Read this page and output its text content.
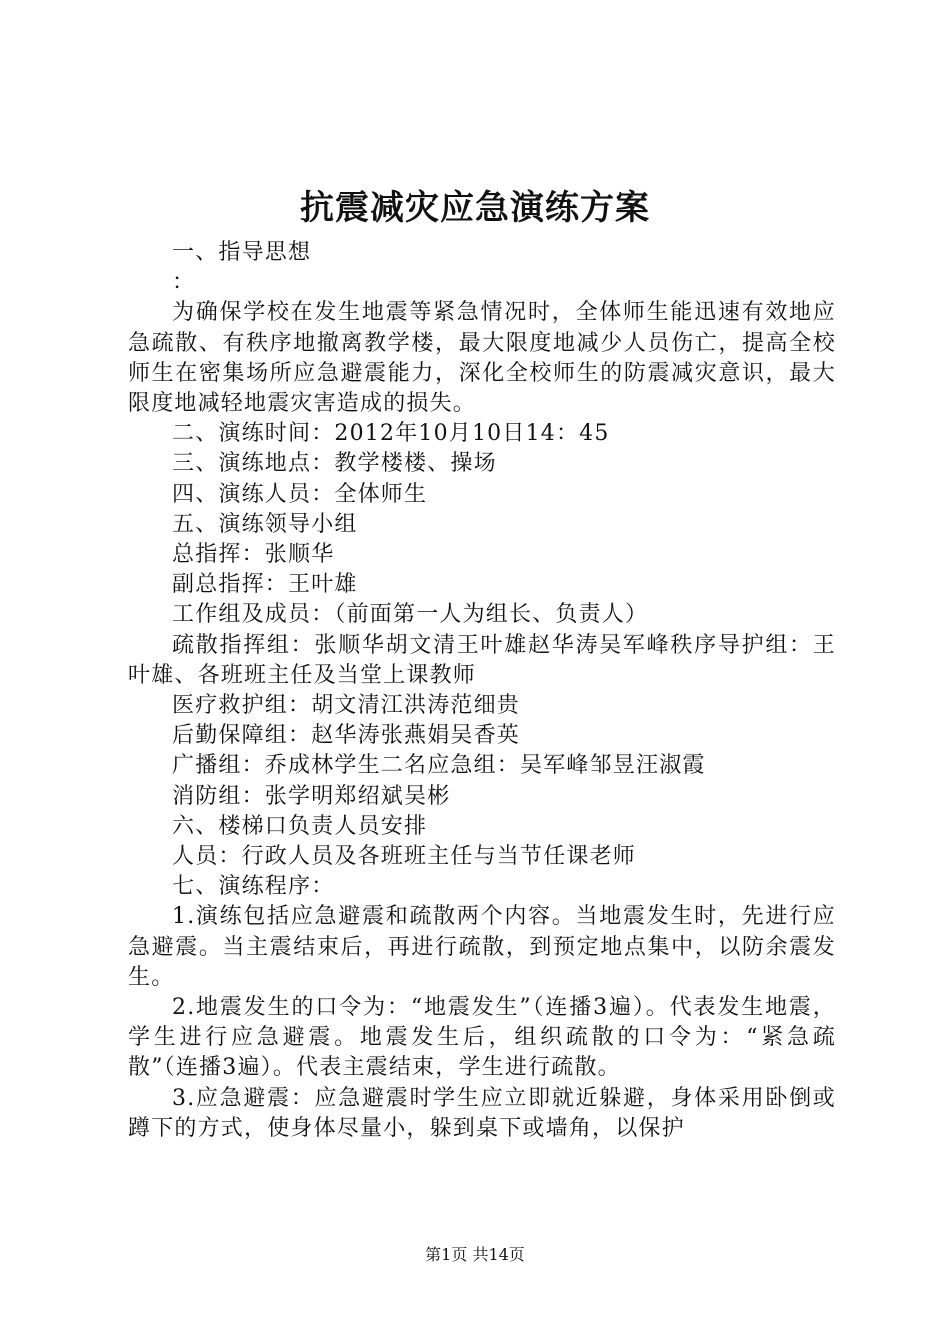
抗震减灾应急演练方案

一、指导思想

：

为确保学校在发生地震等紧急情况时，全体师生能迅速有效地应急疏散、有秩序地撤离教学楼，最大限度地减少人员伤亡，提高全校师生在密集场所应急避震能力，深化全校师生的防震减灾意识，最大限度地减轻地震灾害造成的损失。

二、演练时间：2012年10月10日14：45

三、演练地点：教学楼楼、操场

四、演练人员：全体师生

五、演练领导小组

总指挥：张顺华

副总指挥：王叶雄

工作组及成员：（前面第一人为组长、负责人）

疏散指挥组：张顺华胡文清王叶雄赵华涛吴军峰秩序导护组：王叶雄、各班班主任及当堂上课教师

医疗救护组：胡文清江洪涛范细贵

后勤保障组：赵华涛张燕娟吴香英

广播组：乔成林学生二名应急组：吴军峰邹昱汪淑霞

消防组：张学明郑绍斌吴彬

六、楼梯口负责人员安排

人员：行政人员及各班班主任与当节任课老师

七、演练程序：

1.演练包括应急避震和疏散两个内容。当地震发生时，先进行应急避震。当主震结束后，再进行疏散，到预定地点集中，以防余震发生。

2.地震发生的口令为：“地震发生”（连播3遍）。代表发生地震，学生进行应急避震。地震发生后，组织疏散的口令为：“紧急疏散”（连播3遍）。代表主震结束，学生进行疏散。

3.应急避震：应急避震时学生应立即就近躲避，身体采用卧倒或蹲下的方式，使身体尽量小，躲到桌下或墙角，以保护

第1页 共14页
